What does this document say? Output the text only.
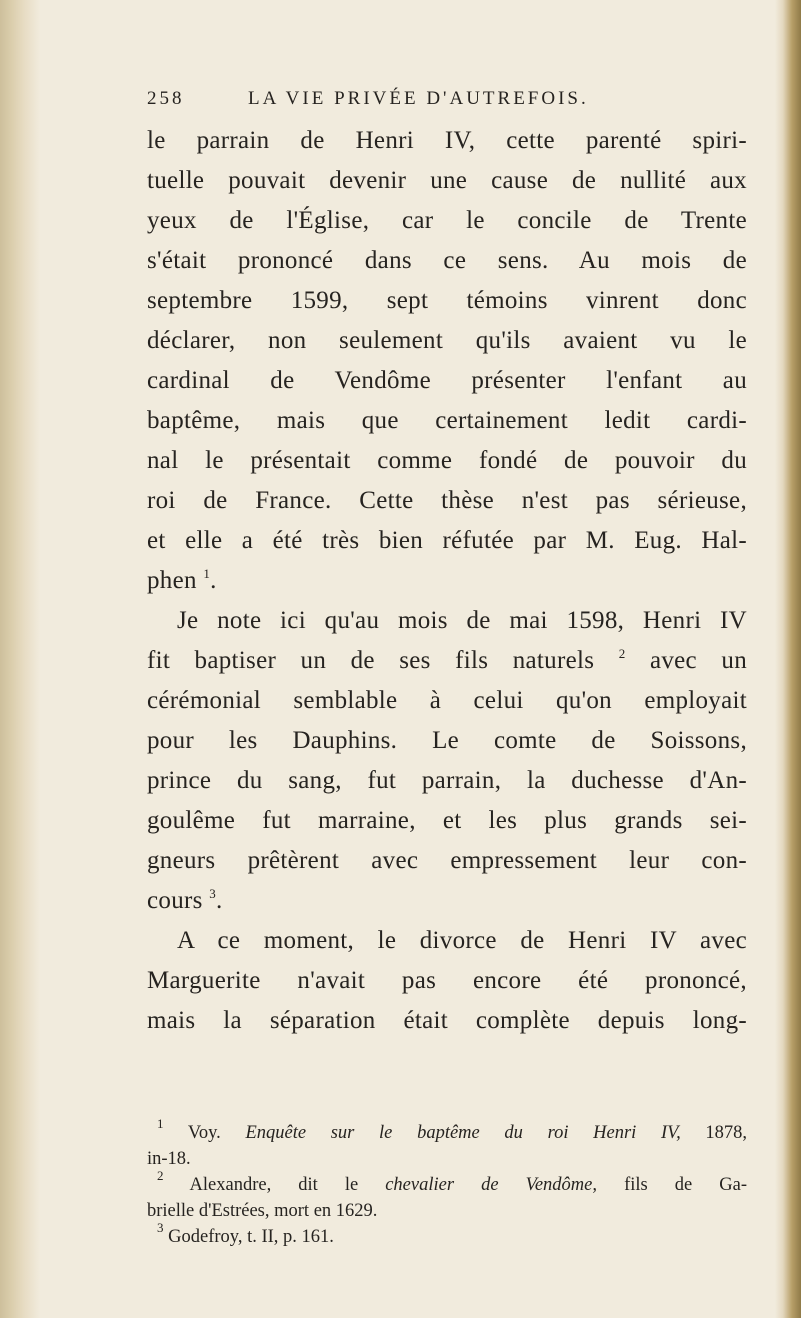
258	LA VIE PRIVÉE D'AUTREFOIS.
le parrain de Henri IV, cette parenté spiri-
tuelle pouvait devenir une cause de nullité aux
yeux de l'Église, car le concile de Trente
s'était prononcé dans ce sens. Au mois de
septembre 1599, sept témoins vinrent donc
déclarer, non seulement qu'ils avaient vu le
cardinal de Vendôme présenter l'enfant au
baptême, mais que certainement ledit cardi-
nal le présentait comme fondé de pouvoir du
roi de France. Cette thèse n'est pas sérieuse,
et elle a été très bien réfutée par M. Eug. Hal-
phen $^1$.
Je note ici qu'au mois de mai 1598, Henri IV
fit baptiser un de ses fils naturels $^2$ avec un
cérémonial semblable à celui qu'on employait
pour les Dauphins. Le comte de Soissons,
prince du sang, fut parrain, la duchesse d'An-
goulême fut marraine, et les plus grands sei-
gneurs prêtèrent avec empressement leur con-
cours $^3$.
A ce moment, le divorce de Henri IV avec
Marguerite n'avait pas encore été prononcé,
mais la séparation était complète depuis long-
$^1$ Voy. Enquête sur le baptême du roi Henri IV, 1878,
in-18.
$^2$ Alexandre, dit le chevalier de Vendôme, fils de Ga-
brielle d'Estrées, mort en 1629.
$^3$ Godefroy, t. II, p. 161.
